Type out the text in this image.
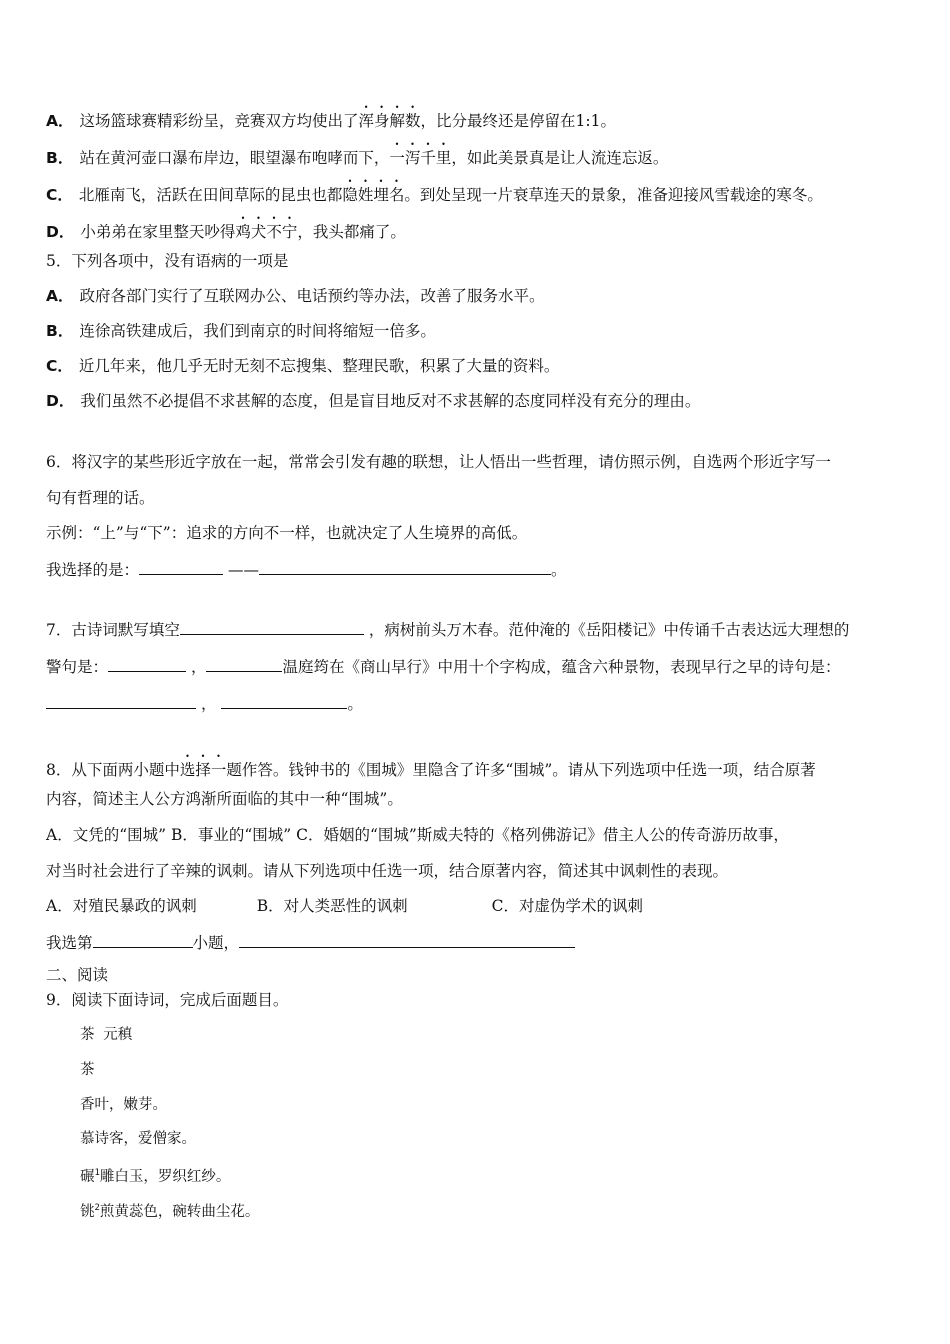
A． 这场篮球赛精彩纷呈，竞赛双方均使出了浑身解数，比分最终还是停留在1:1。
B． 站在黄河壶口瀑布岸边，眼望瀑布咆哮而下，一泻千里，如此美景真是让人流连忘返。
C． 北雁南飞，活跃在田间草际的昆虫也都隐姓埋名。到处呈现一片衰草连天的景象，准备迎接风雪载途的寒冬。
D． 小弟弟在家里整天吵得鸡犬不宁，我头都痛了。
5．下列各项中，没有语病的一项是
A． 政府各部门实行了互联网办公、电话预约等办法，改善了服务水平。
B． 连徐高铁建成后，我们到南京的时间将缩短一倍多。
C． 近几年来，他几乎无时无刻不忘搜集、整理民歌，积累了大量的资料。
D． 我们虽然不必提倡不求甚解的态度，但是盲目地反对不求甚解的态度同样没有充分的理由。
6．将汉字的某些形近字放在一起，常常会引发有趣的联想，让人悟出一些哲理，请仿照示例，自选两个形近字写一
句有哲理的话。
示例：“上”与“下”：追求的方向不一样，也就决定了人生境界的高低。
我选择的是：	——	。
7．古诗词默写填空	，病树前头万木春。范仲淹的《岳阳楼记》中传诵千古表达远大理想的
警句是：	，	温庭筠在《商山早行》中用十个字构成，蕴含六种景物，表现早行之早的诗句是：
，	。
8．从下面两小题中选择一题作答。钱钟书的《围城》里隐含了许多“围城”。请从下列选项中任选一项，结合原著
内容，简述主人公方鸿渐所面临的其中一种“围城”。
A．文凭的“围城” B．事业的“围城” C．婚姻的“围城”斯威夫特的《格列佛游记》借主人公的传奇游历故事，
对当时社会进行了辛辣的讽刺。请从下列选项中任选一项，结合原著内容，简述其中讽刺性的表现。
A．对殖民暴政的讽刺	B．对人类恶性的讽刺	C．对虚伪学术的讽刺
我选第	小题，
二、阅读
9．阅读下面诗词，完成后面题目。
茶 元稹
茶
香叶，嫩芽。
慕诗客，爱僧家。
碾$^1$雕白玉，罗织红纱。
铫$^2$煎黄蕊色，碗转曲尘花。
